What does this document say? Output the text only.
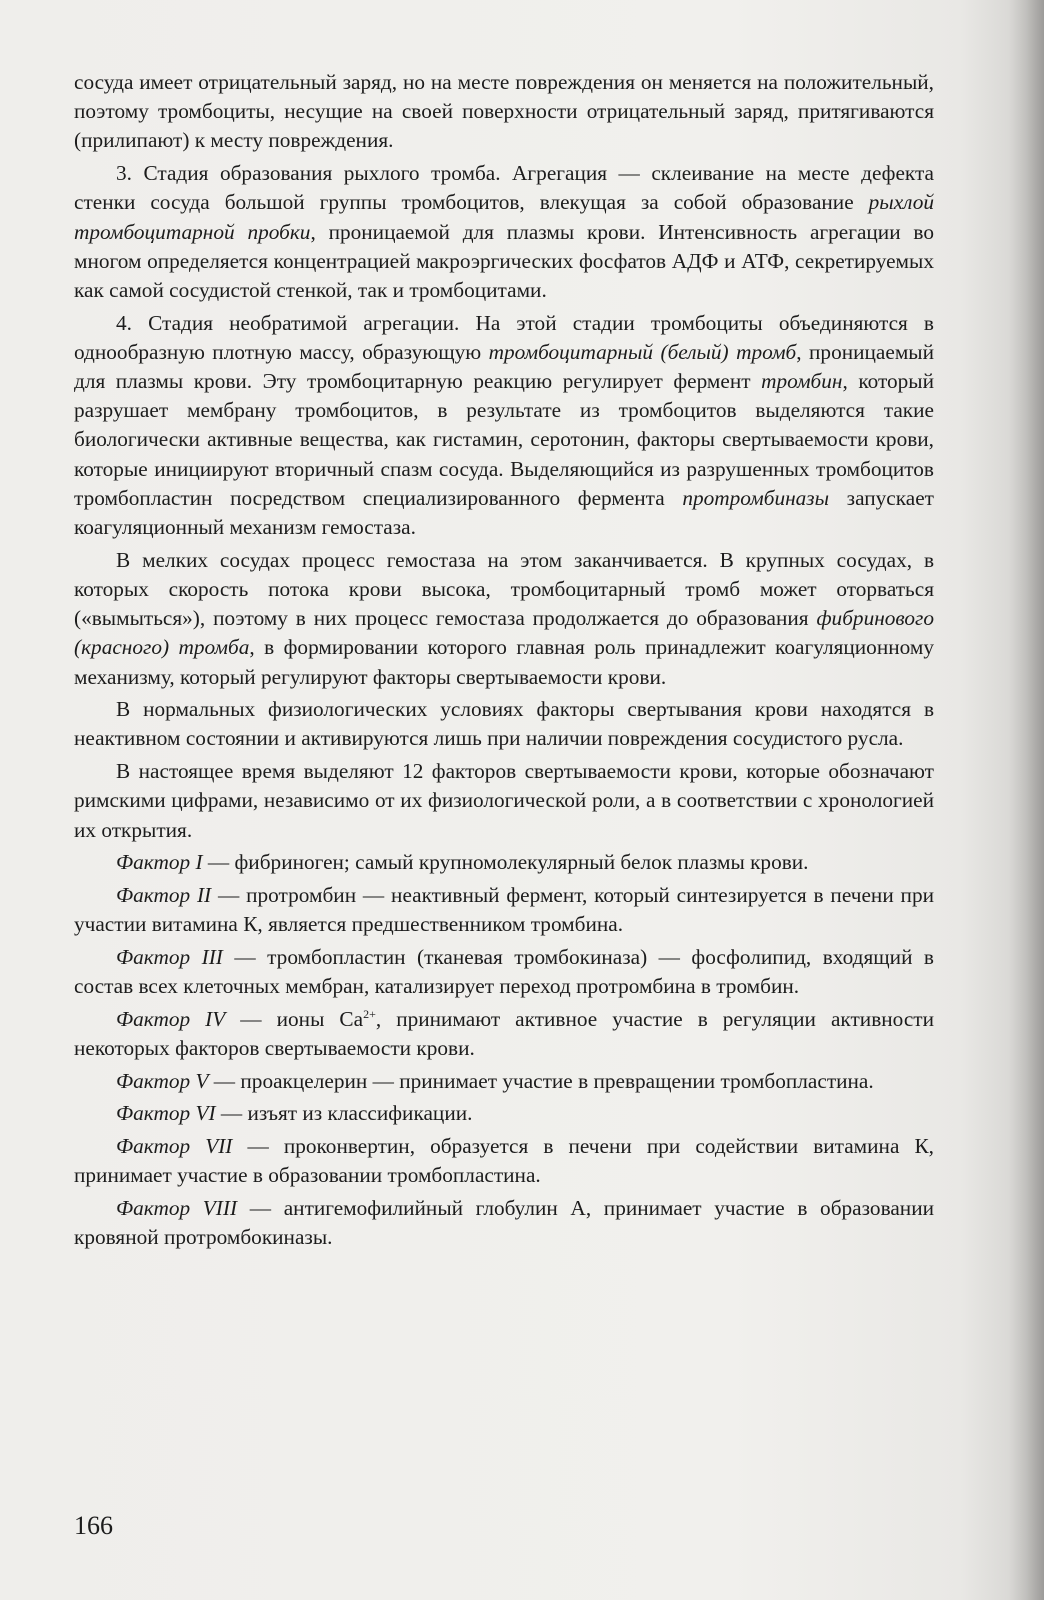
сосуда имеет отрицательный заряд, но на месте повреждения он меняется на положительный, поэтому тромбоциты, несущие на своей поверхности отрицательный заряд, притягиваются (прилипают) к месту повреждения.

3. Стадия образования рыхлого тромба. Агрегация — склеивание на месте дефекта стенки сосуда большой группы тромбоцитов, влекущая за собой образование рыхлой тромбоцитарной пробки, проницаемой для плазмы крови. Интенсивность агрегации во многом определяется концентрацией макроэргических фосфатов АДФ и АТФ, секретируемых как самой сосудистой стенкой, так и тромбоцитами.

4. Стадия необратимой агрегации. На этой стадии тромбоциты объединяются в однообразную плотную массу, образующую тромбоцитарный (белый) тромб, проницаемый для плазмы крови. Эту тромбоцитарную реакцию регулирует фермент тромбин, который разрушает мембрану тромбоцитов, в результате из тромбоцитов выделяются такие биологически активные вещества, как гистамин, серотонин, факторы свертываемости крови, которые инициируют вторичный спазм сосуда. Выделяющийся из разрушенных тромбоцитов тромбопластин посредством специализированного фермента протромбиназы запускает коагуляционный механизм гемостаза.

В мелких сосудах процесс гемостаза на этом заканчивается. В крупных сосудах, в которых скорость потока крови высока, тромбоцитарный тромб может оторваться («вымыться»), поэтому в них процесс гемостаза продолжается до образования фибринового (красного) тромба, в формировании которого главная роль принадлежит коагуляционному механизму, который регулируют факторы свертываемости крови.

В нормальных физиологических условиях факторы свертывания крови находятся в неактивном состоянии и активируются лишь при наличии повреждения сосудистого русла.

В настоящее время выделяют 12 факторов свертываемости крови, которые обозначают римскими цифрами, независимо от их физиологической роли, а в соответствии с хронологией их открытия.

Фактор I — фибриноген; самый крупномолекулярный белок плазмы крови.

Фактор II — протромбин — неактивный фермент, который синтезируется в печени при участии витамина К, является предшественником тромбина.

Фактор III — тромбопластин (тканевая тромбокиназа) — фосфолипид, входящий в состав всех клеточных мембран, катализирует переход протромбина в тромбин.

Фактор IV — ионы $Са^{2+}$, принимают активное участие в регуляции активности некоторых факторов свертываемости крови.

Фактор V — проакцелерин — принимает участие в превращении тромбопластина.

Фактор VI — изъят из классификации.

Фактор VII — проконвертин, образуется в печени при содействии витамина К, принимает участие в образовании тромбопластина.

Фактор VIII — антигемофилийный глобулин А, принимает участие в образовании кровяной протромбокиназы.

166
